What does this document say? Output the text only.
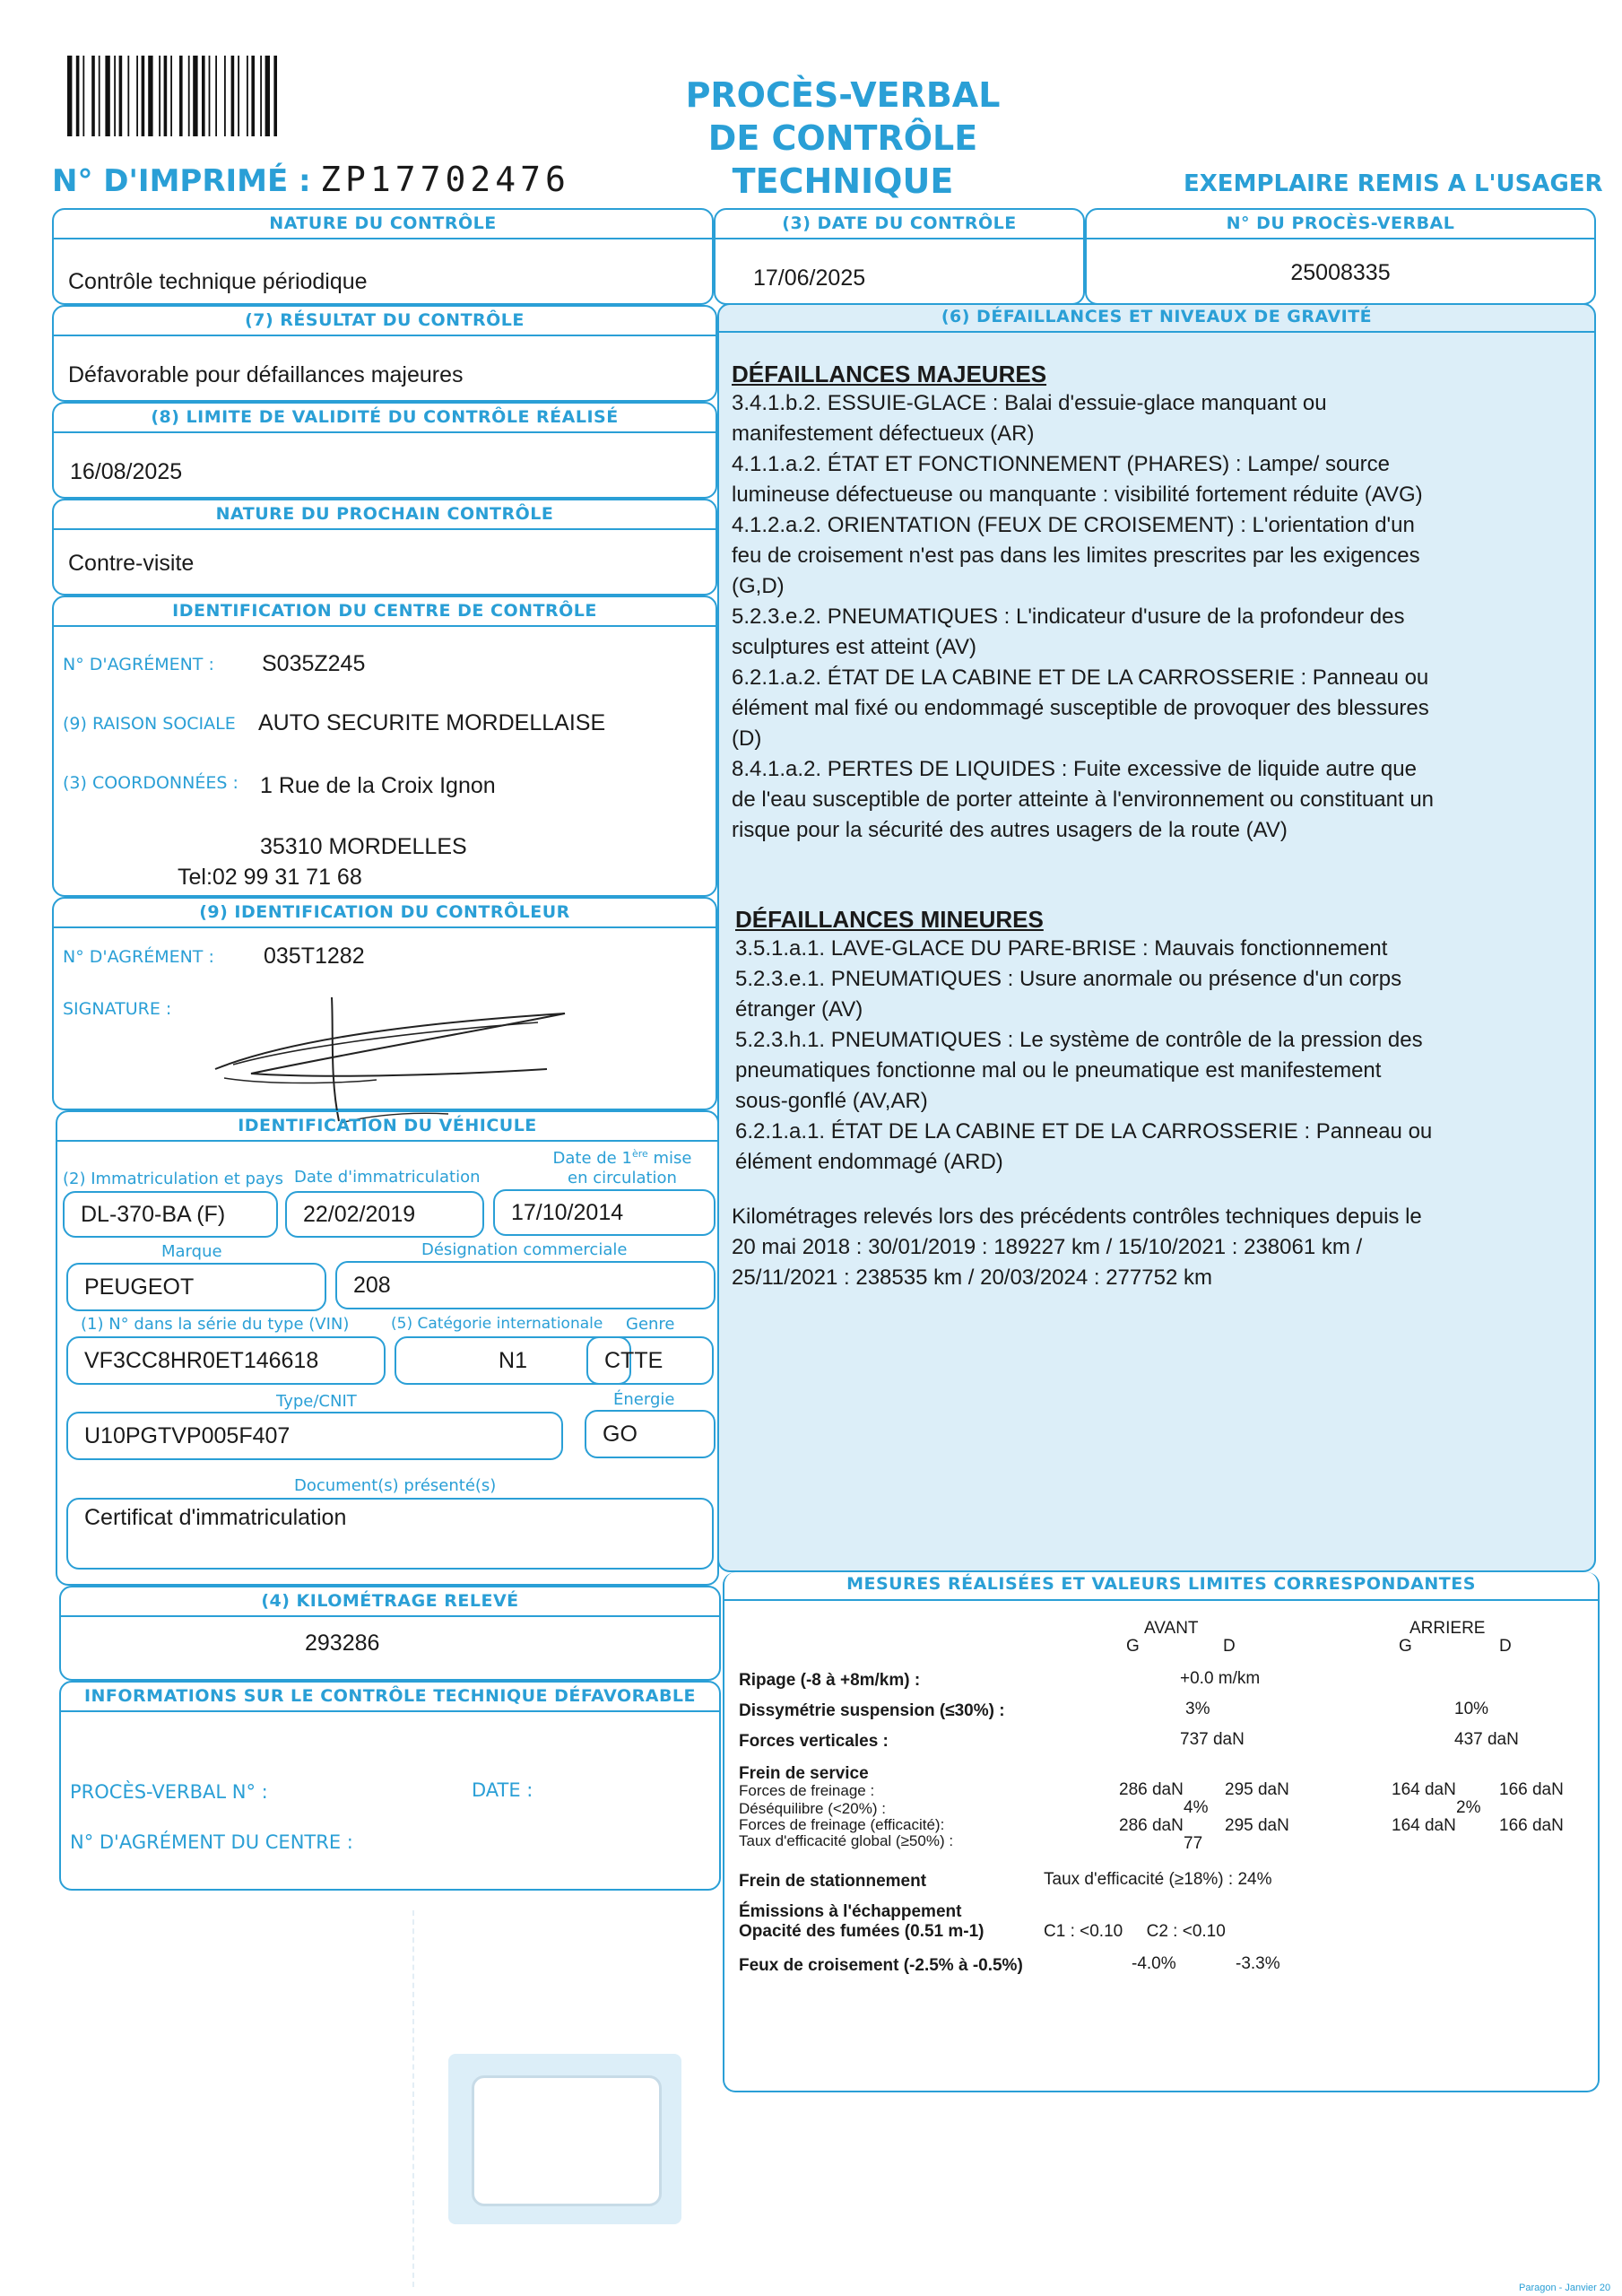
PROCÈS-VERBAL
DE CONTRÔLE TECHNIQUE
N° D'IMPRIMÉ : ZP17702476	EXEMPLAIRE REMIS A L'USAGER
NATURE DU CONTRÔLE
Contrôle technique périodique
(3) DATE DU CONTRÔLE
17/06/2025
N° DU PROCÈS-VERBAL
25008335
(7) RÉSULTAT DU CONTRÔLE
Défavorable pour défaillances majeures
(8) LIMITE DE VALIDITÉ DU CONTRÔLE RÉALISÉ
16/08/2025
NATURE DU PROCHAIN CONTRÔLE
Contre-visite
IDENTIFICATION DU CENTRE DE CONTRÔLE
N° D'AGRÉMENT : S035Z245
(9) RAISON SOCIALE AUTO SECURITE MORDELLAISE
(3) COORDONNÉES : 1 Rue de la Croix Ignon
35310 MORDELLES
Tel:02 99 31 71 68
(9) IDENTIFICATION DU CONTRÔLEUR
N° D'AGRÉMENT : 035T1282
SIGNATURE :
IDENTIFICATION DU VÉHICULE
(2) Immatriculation et pays Date d'immatriculation
Date de 1ère mise
en circulation
DL-370-BA (F)	22/02/2019	17/10/2014
Marque	Désignation commerciale
PEUGEOT	208
(1) N° dans la série du type (VIN)	(5) Catégorie internationale Genre
VF3CC8HR0ET146618	N1	CTTE
Type/CNIT	Énergie
U10PGTVP005F407	GO
Document(s) présenté(s)
Certificat d'immatriculation
(4) KILOMÉTRAGE RELEVÉ
293286
INFORMATIONS SUR LE CONTRÔLE TECHNIQUE DÉFAVORABLE
PROCÈS-VERBAL N° :	DATE :
N° D'AGRÉMENT DU CENTRE :
(6) DÉFAILLANCES ET NIVEAUX DE GRAVITÉ
DÉFAILLANCES MAJEURES
3.4.1.b.2. ESSUIE-GLACE : Balai d'essuie-glace manquant ou
manifestement défectueux (AR)
4.1.1.a.2. ÉTAT ET FONCTIONNEMENT (PHARES) : Lampe/ source
lumineuse défectueuse ou manquante : visibilité fortement réduite (AVG)
4.1.2.a.2. ORIENTATION (FEUX DE CROISEMENT) : L'orientation d'un
feu de croisement n'est pas dans les limites prescrites par les exigences
(G,D)
5.2.3.e.2. PNEUMATIQUES : L'indicateur d'usure de la profondeur des
sculptures est atteint (AV)
6.2.1.a.2. ÉTAT DE LA CABINE ET DE LA CARROSSERIE : Panneau ou
élément mal fixé ou endommagé susceptible de provoquer des blessures
(D)
8.4.1.a.2. PERTES DE LIQUIDES : Fuite excessive de liquide autre que
de l'eau susceptible de porter atteinte à l'environnement ou constituant un
risque pour la sécurité des autres usagers de la route (AV)
DÉFAILLANCES MINEURES
3.5.1.a.1. LAVE-GLACE DU PARE-BRISE : Mauvais fonctionnement
5.2.3.e.1. PNEUMATIQUES : Usure anormale ou présence d'un corps
étranger (AV)
5.2.3.h.1. PNEUMATIQUES : Le système de contrôle de la pression des
pneumatiques fonctionne mal ou le pneumatique est manifestement
sous-gonflé (AV,AR)
6.2.1.a.1. ÉTAT DE LA CABINE ET DE LA CARROSSERIE : Panneau ou
élément endommagé (ARD)
Kilométrages relevés lors des précédents contrôles techniques depuis le
20 mai 2018 : 30/01/2019 : 189227 km / 15/10/2021 : 238061 km /
25/11/2021 : 238535 km / 20/03/2024 : 277752 km
MESURES RÉALISÉES ET VALEURS LIMITES CORRESPONDANTES
AVANT	ARRIERE
G	D	G	D
Ripage (-8 à +8m/km) :	+0.0 m/km
Dissymétrie suspension (≤30%) :	3%	10%
Forces verticales :	737 daN	437 daN
Frein de service
Forces de freinage :	286 daN 295 daN	164 daN	166 daN
Déséquilibre (<20%) :	4%	2%
Forces de freinage (efficacité):	286 daN 295 daN	164 daN	166 daN
Taux d'efficacité global (≥50%) :	77
Frein de stationnement	Taux d'efficacité (≥18%) : 24%
Émissions à l'échappement
Opacité des fumées (0.51 m-1)	C1 : <0.10     C2 : <0.10
Feux de croisement (-2.5% à -0.5%)	-4.0%	-3.3%
Paragon - Janvier 20
